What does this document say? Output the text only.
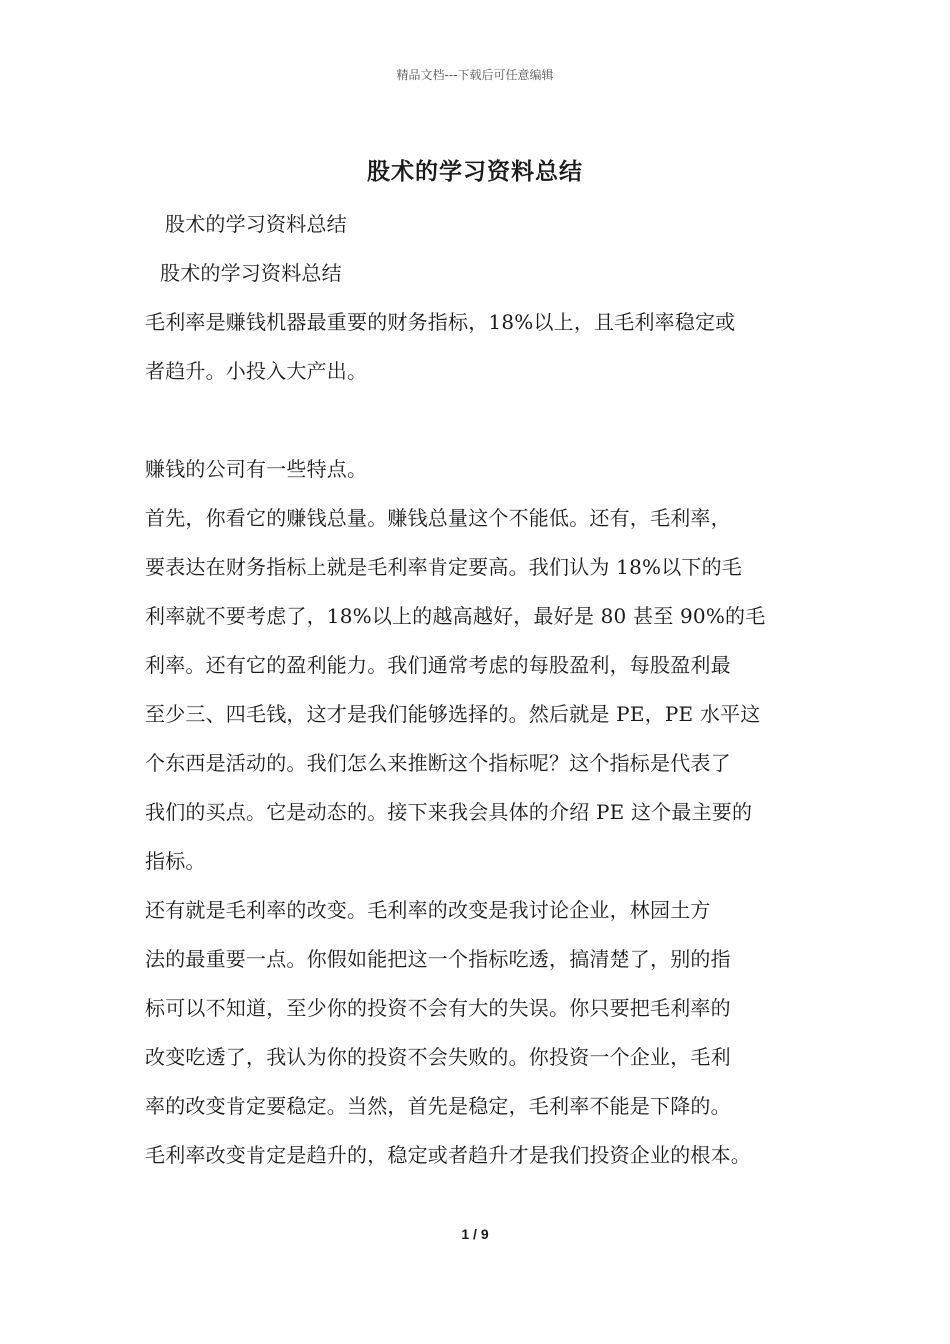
精品文档---下载后可任意编辑
股术的学习资料总结
股术的学习资料总结
股术的学习资料总结
毛利率是赚钱机器最重要的财务指标，18%以上，且毛利率稳定或
者趋升。小投入大产出。
赚钱的公司有一些特点。
首先，你看它的赚钱总量。赚钱总量这个不能低。还有，毛利率，
要表达在财务指标上就是毛利率肯定要高。我们认为 18%以下的毛
利率就不要考虑了，18%以上的越高越好，最好是 80 甚至 90%的毛
利率。还有它的盈利能力。我们通常考虑的每股盈利，每股盈利最
至少三、四毛钱，这才是我们能够选择的。然后就是 PE，PE 水平这
个东西是活动的。我们怎么来推断这个指标呢？这个指标是代表了
我们的买点。它是动态的。接下来我会具体的介绍 PE 这个最主要的
指标。
还有就是毛利率的改变。毛利率的改变是我讨论企业，林园土方
法的最重要一点。你假如能把这一个指标吃透，搞清楚了，别的指
标可以不知道，至少你的投资不会有大的失误。你只要把毛利率的
改变吃透了，我认为你的投资不会失败的。你投资一个企业，毛利
率的改变肯定要稳定。当然，首先是稳定，毛利率不能是下降的。
毛利率改变肯定是趋升的，稳定或者趋升才是我们投资企业的根本。
1 / 9
